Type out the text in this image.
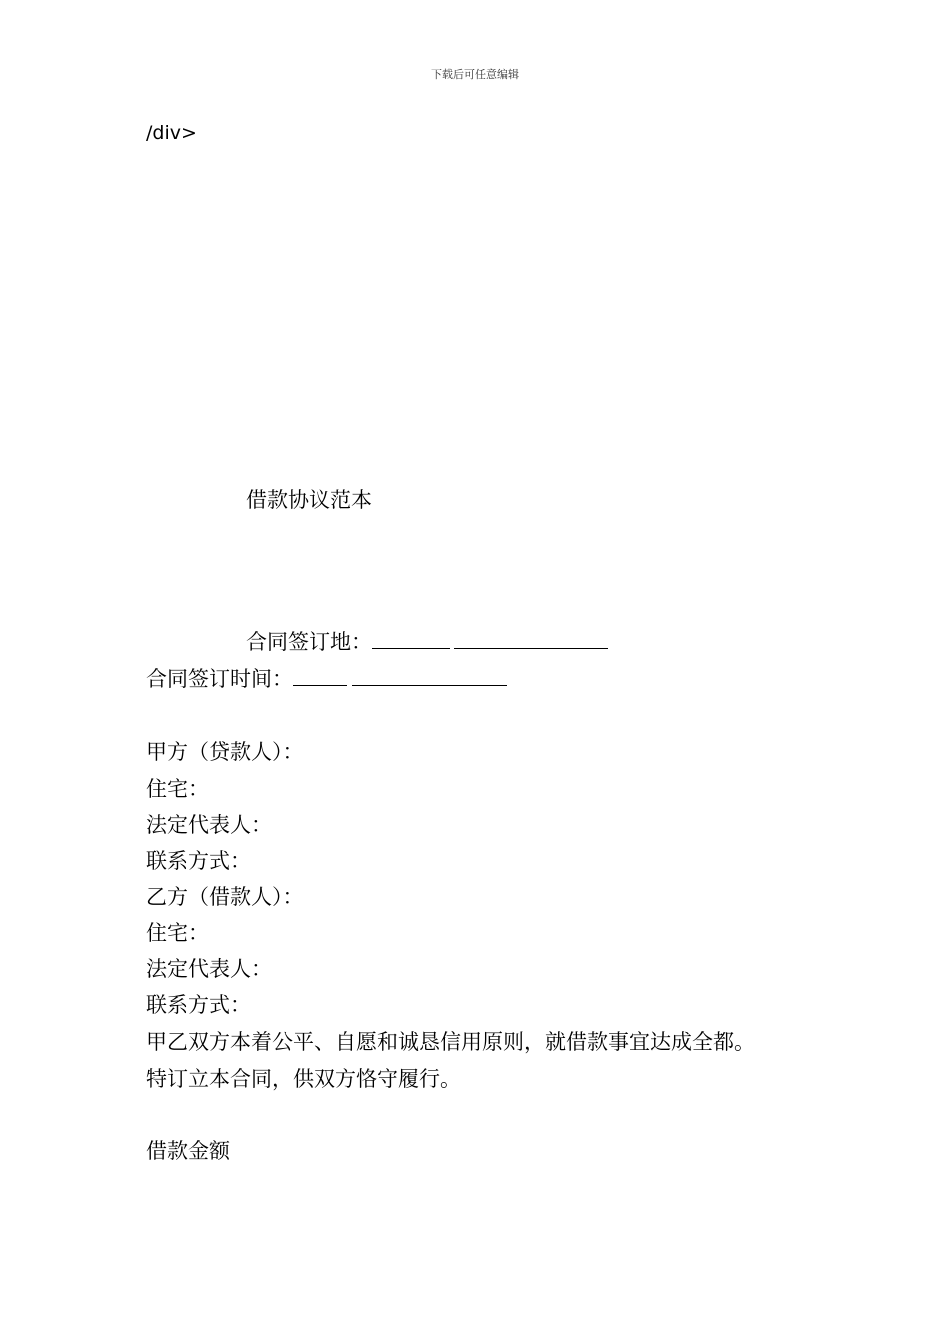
下载后可任意编辑
/div>
借款协议范本
合同签订地：
合同签订时间：
甲方（贷款人）：
住宅：
法定代表人：
联系方式：
乙方（借款人）：
住宅：
法定代表人：
联系方式：
甲乙双方本着公平、自愿和诚恳信用原则，就借款事宜达成全都。
特订立本合同，供双方恪守履行。
借款金额
